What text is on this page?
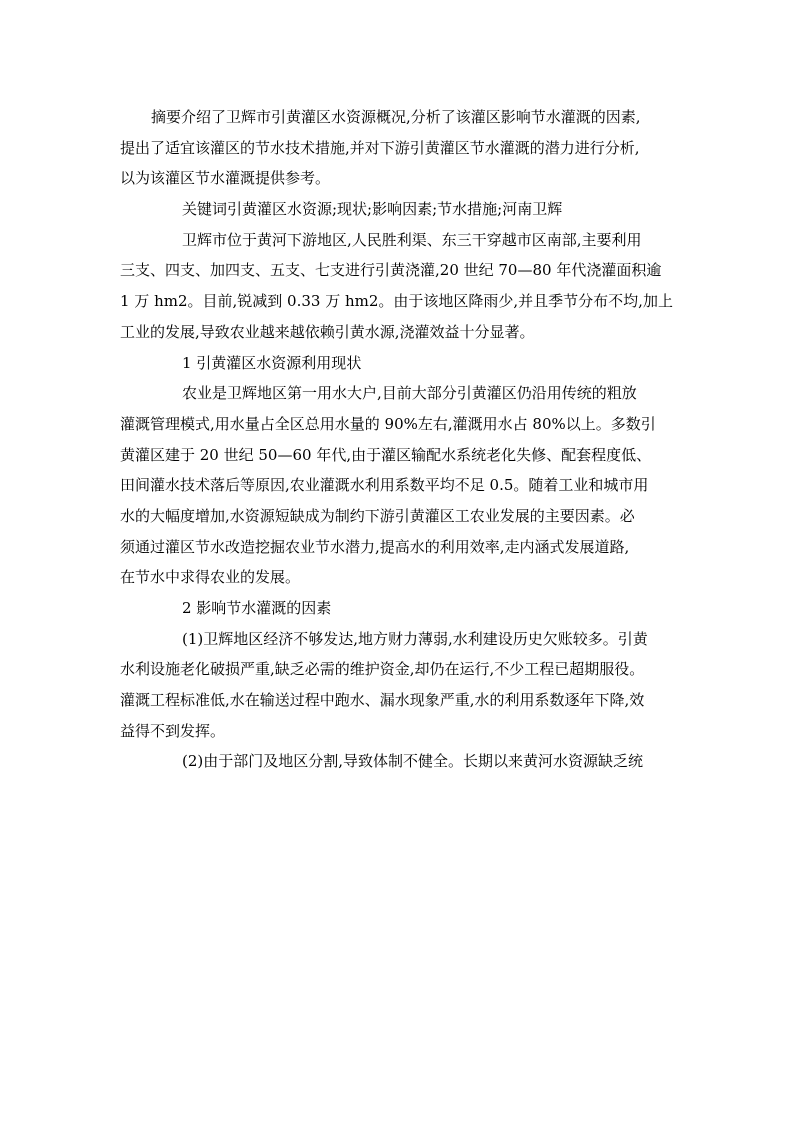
摘要介绍了卫辉市引黄灌区水资源概况,分析了该灌区影响节水灌溉的因素,
提出了适宜该灌区的节水技术措施,并对下游引黄灌区节水灌溉的潜力进行分析,
以为该灌区节水灌溉提供参考。
关键词引黄灌区水资源;现状;影响因素;节水措施;河南卫辉
卫辉市位于黄河下游地区,人民胜利渠、东三干穿越市区南部,主要利用
三支、四支、加四支、五支、七支进行引黄浇灌,20 世纪 70—80 年代浇灌面积逾
1 万 hm2。目前,锐减到 0.33 万 hm2。由于该地区降雨少,并且季节分布不均,加上
工业的发展,导致农业越来越依赖引黄水源,浇灌效益十分显著。
1 引黄灌区水资源利用现状
农业是卫辉地区第一用水大户,目前大部分引黄灌区仍沿用传统的粗放
灌溉管理模式,用水量占全区总用水量的 90%左右,灌溉用水占 80%以上。多数引
黄灌区建于 20 世纪 50—60 年代,由于灌区输配水系统老化失修、配套程度低、
田间灌水技术落后等原因,农业灌溉水利用系数平均不足 0.5。随着工业和城市用
水的大幅度增加,水资源短缺成为制约下游引黄灌区工农业发展的主要因素。必
须通过灌区节水改造挖掘农业节水潜力,提高水的利用效率,走内涵式发展道路,
在节水中求得农业的发展。
2 影响节水灌溉的因素
(1)卫辉地区经济不够发达,地方财力薄弱,水利建设历史欠账较多。引黄
水利设施老化破损严重,缺乏必需的维护资金,却仍在运行,不少工程已超期服役。
灌溉工程标准低,水在输送过程中跑水、漏水现象严重,水的利用系数逐年下降,效
益得不到发挥。
(2)由于部门及地区分割,导致体制不健全。长期以来黄河水资源缺乏统
